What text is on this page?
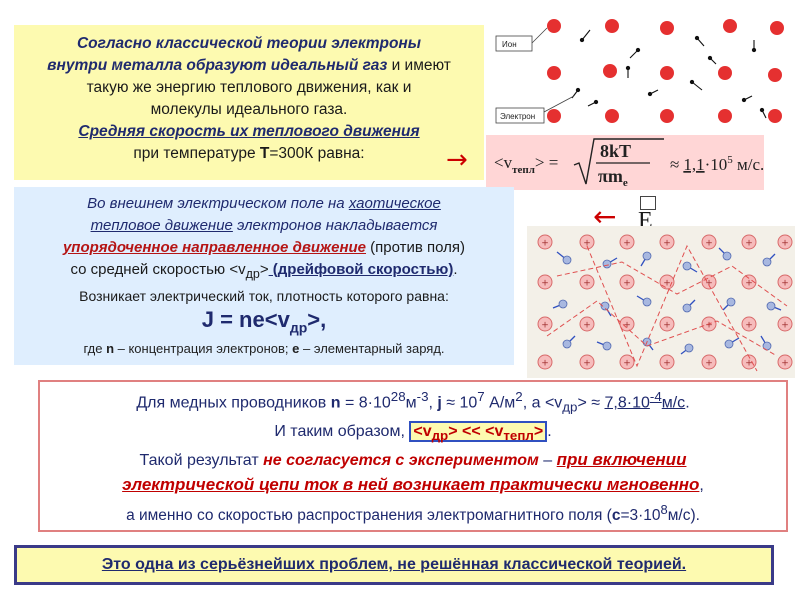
Согласно классической теории электроны
внутри металла образуют идеальный газ и имеют
такую же энергию теплового движения, как и
молекулы идеального газа.
Средняя скорость их теплового движения
при температуре T=300К равна:
Ион
Электрон
→ $<v_{тепл}>$ =
8kT
$\pi m_e$
≈ $1,1\cdot 10^5$ м/с.
Во внешнем электрическом поле на хаотическое
тепловое движение электронов накладывается
упорядоченное направленное движение (против поля)
со средней скоростью $<v_{др}>$ (дрейфовой скоростью).
Возникает электрический ток, плотность которого равна:
$J = ne<v_{др}>$,
где n – концентрация электронов; e – элементарный заряд.
← E
+	+	+	+	+	+	+
+	+	+	+	+	+	+
+	+	+	+	+	+	+
+	+	+	+	+	+	+
Для медных проводников $n = 8\cdot 10^{28}м^{-3}$, $j \approx 10^7$ $А/м^2$, $а <v_{др}> \approx 7,8\cdot 10^{-4}м/с$.
И таким образом, $<v_{др}> << <v_{тепл}>$ .
Такой результат не согласуется с экспериментом – при включении
электрической цепи ток в ней возникает практически мгновенно,
а именно со скоростью распространения электромагнитного поля $(c=3\cdot 10^8м/с)$.
Это одна из серьёзнейших проблем, не решённая классической теорией.
